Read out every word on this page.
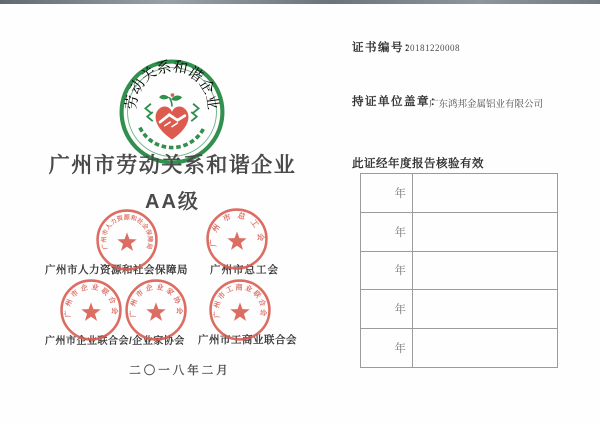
劳动关系和谐企业
广州市劳动关系和谐企业
AA级
广州市人力资源和社会保障局 广州市总工会
广州市企业联合会/企业家协会 广州市工商业联合会
广州市人力资源和社会保障局	广州市总工会
广州市企业联合会 广州市企业家协会	广州市工商业联合会
二〇一八年二月
证书编号：
20181220008
持证单位盖章：
广东鸿邦金属铝业有限公司
此证经年度报告核验有效
年
年
年
年
年
